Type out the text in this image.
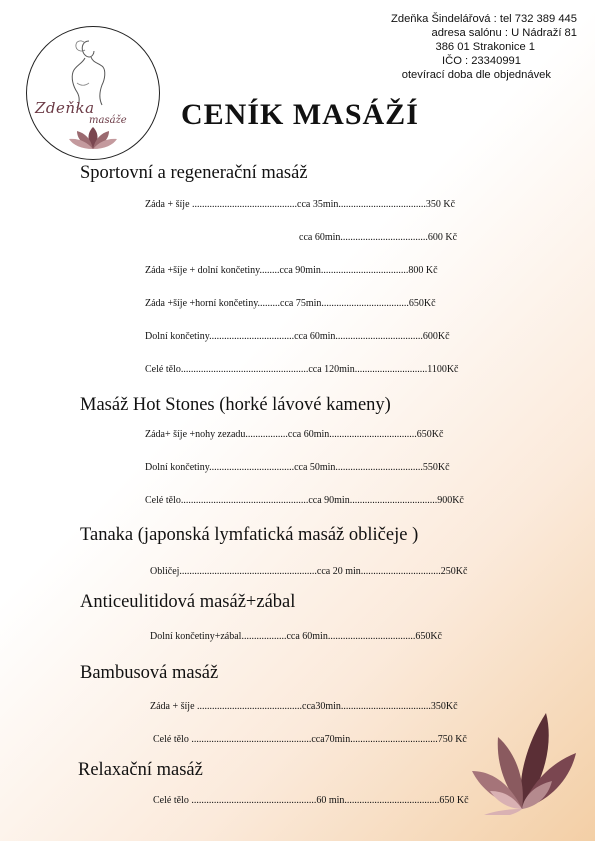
Zdeňka Šindelářová : tel 732 389 445
adresa salónu : U Nádraží 81
386 01 Strakonice 1
IČO : 23340991
otevírací doba dle objednávek
Zdeňka
masáže CENÍK MASÁŽÍ
Sportovní a regenerační masáž
Záda + šíje ..........................................cca 35min...................................350 Kč
cca 60min...................................600 Kč
Záda +šíje + dolní končetiny........cca 90min...................................800 Kč
Záda +šíje +horní končetiny.........cca 75min...................................650Kč
Dolní končetiny..................................cca 60min...................................600Kč
Celé tělo...................................................cca 120min.............................1100Kč
Masáž Hot Stones (horké lávové kameny)
Záda+ šíje +nohy zezadu.................cca 60min...................................650Kč
Dolní končetiny..................................cca 50min...................................550Kč
Celé tělo...................................................cca 90min...................................900Kč
Tanaka (japonská lymfatická masáž obličeje )
Obličej.......................................................cca 20 min................................250Kč
Anticeulitidová masáž+zábal
Dolní končetiny+zábal..................cca 60min...................................650Kč
Bambusová masáž
Záda + šíje ..........................................cca30min....................................350Kč
Celé tělo ................................................cca70min...................................750 Kč
Relaxační masáž
Celé tělo ..................................................60 min......................................650 Kč
